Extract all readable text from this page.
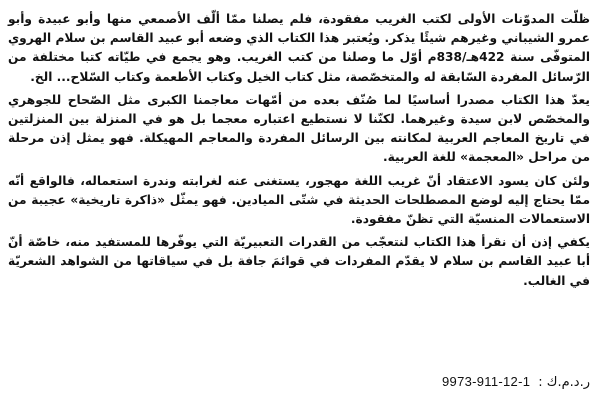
ظلّت المدوّنات الأولى لكتب الغريب مفقودة، فلم يصلنا ممّا ألّف الأصمعي منها وأبو عبيدة وأبو عمرو الشيباني وغيرهم شيئًا يذكر. ويُعتبر هذا الكتاب الذي وضعه أبو عبيد القاسم بن سلام الهروي المتوفّى سنة 422هـ/838م أوّل ما وصلنا من كتب الغريب. وهو يجمع في طيّاته كتبا مختلفة من الرّسائل المفردة السّابقة له والمتخصّصة، مثل كتاب الخيل وكتاب الأطعمة وكتاب السّلاح... الخ.

يعدّ هذا الكتاب مصدرا أساسيًا لما صُنّف بعده من أمّهات معاجمنا الكبرى مثل الصّحاح للجوهري والمخصّص لابن سيدة وغيرهما. لكنّنا لا نستطيع اعتباره معجما بل هو في المنزلة بين المنزلتين في تاريخ المعاجم العربية لمكانته بين الرسائل المفردة والمعاجم المهيكلة. فهو يمثل إذن مرحلة من مراحل «المعجمة» للغة العربية.

ولئن كان يسود الاعتقاد أنّ غريب اللغة مهجور، يستغنى عنه لغرابته وندرة استعماله، فالواقع أنّه ممّا يحتاج إليه لوضع المصطلحات الحديثة في شتّى الميادين. فهو يمثّل «ذاكرة تاريخية» عجيبة من الاستعمالات المنسيّة التي تظنّ مفقودة.

يكفي إذن أن نقرأ هذا الكتاب لنتعجّب من القدرات التعبيريّة التي يوفّرها للمستفيد منه، خاصّة أنّ أبا عبيد القاسم بن سلام لا يقدّم المفردات في قوائمَ جافة بل في سياقاتها من الشواهد الشعريّة في الغالب.

ر.د.م.ك :
9973-911-12-1
